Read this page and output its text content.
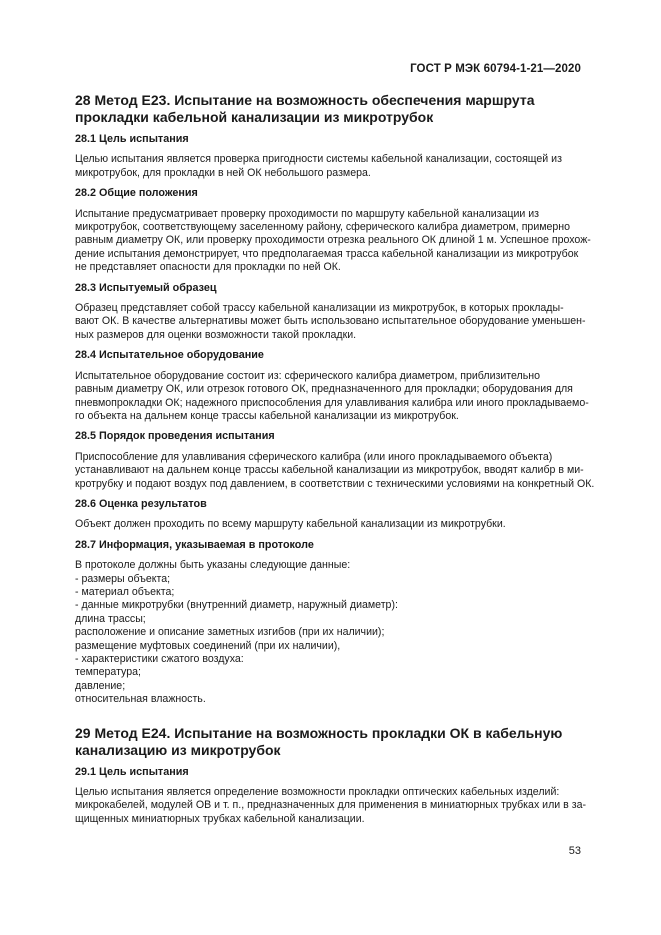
ГОСТ Р МЭК 60794-1-21—2020
28 Метод Е23. Испытание на возможность обеспечения маршрута
прокладки кабельной канализации из микротрубок
28.1 Цель испытания
Целью испытания является проверка пригодности системы кабельной канализации, состоящей из
микротрубок, для прокладки в ней ОК небольшого размера.
28.2 Общие положения
Испытание предусматривает проверку проходимости по маршруту кабельной канализации из
микротрубок, соответствующему заселенному району, сферического калибра диаметром, примерно
равным диаметру ОК, или проверку проходимости отрезка реального ОК длиной 1 м. Успешное прохож-
дение испытания демонстрирует, что предполагаемая трасса кабельной канализации из микротрубок
не представляет опасности для прокладки по ней ОК.
28.3 Испытуемый образец
Образец представляет собой трассу кабельной канализации из микротрубок, в которых проклады-
вают ОК. В качестве альтернативы может быть использовано испытательное оборудование уменьшен-
ных размеров для оценки возможности такой прокладки.
28.4 Испытательное оборудование
Испытательное оборудование состоит из: сферического калибра диаметром, приблизительно
равным диаметру ОК, или отрезок готового ОК, предназначенного для прокладки; оборудования для
пневмопрокладки ОК; надежного приспособления для улавливания калибра или иного прокладываемо-
го объекта на дальнем конце трассы кабельной канализации из микротрубок.
28.5 Порядок проведения испытания
Приспособление для улавливания сферического калибра (или иного прокладываемого объекта)
устанавливают на дальнем конце трассы кабельной канализации из микротрубок, вводят калибр в ми-
кротрубку и подают воздух под давлением, в соответствии с техническими условиями на конкретный ОК.
28.6 Оценка результатов
Объект должен проходить по всему маршруту кабельной канализации из микротрубки.
28.7 Информация, указываемая в протоколе
В протоколе должны быть указаны следующие данные:
- размеры объекта;
- материал объекта;
- данные микротрубки (внутренний диаметр, наружный диаметр):
длина трассы;
расположение и описание заметных изгибов (при их наличии);
размещение муфтовых соединений (при их наличии),
- характеристики сжатого воздуха:
температура;
давление;
относительная влажность.
29 Метод Е24. Испытание на возможность прокладки ОК в кабельную
канализацию из микротрубок
29.1 Цель испытания
Целью испытания является определение возможности прокладки оптических кабельных изделий:
микрокабелей, модулей ОВ и т. п., предназначенных для применения в миниатюрных трубках или в за-
щищенных миниатюрных трубках кабельной канализации.
53
